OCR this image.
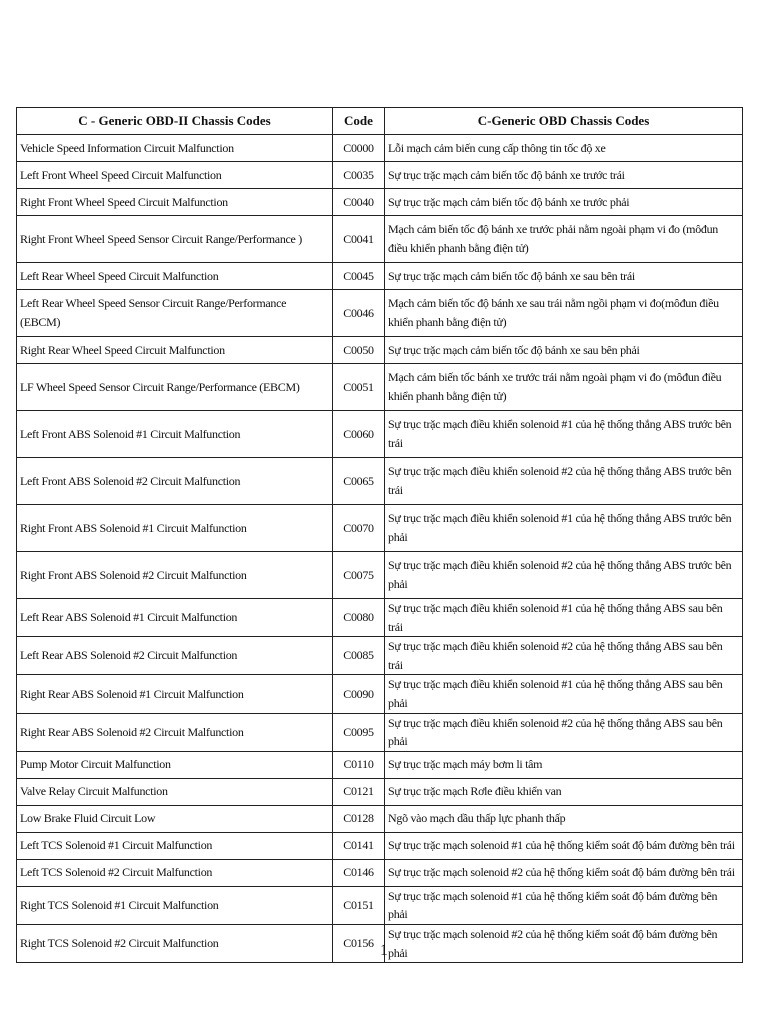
C - Generic OBD-II Chassis Codes	Code	C-Generic OBD Chassis Codes
Vehicle Speed Information Circuit Malfunction	C0000	Lỗi mạch cảm biến cung cấp thông tin tốc độ xe
Left Front Wheel Speed Circuit Malfunction	C0035	Sự trục trặc mạch cảm biến tốc độ bánh xe trước trái
Right Front Wheel Speed Circuit Malfunction	C0040	Sự trục trặc mạch cảm biến tốc độ bánh xe trước phải
Right Front Wheel Speed Sensor Circuit Range/Performance )	C0041	Mạch cảm biến tốc độ bánh xe trước phải nằm ngoài phạm vi đo (môđun điều khiển phanh bằng điện tử)
Left Rear Wheel Speed Circuit Malfunction	C0045	Sự trục trặc mạch cảm biến tốc độ bánh xe sau bên trái
Left Rear Wheel Speed Sensor Circuit Range/Performance (EBCM)	C0046	Mạch cảm biến tốc độ bánh xe sau trái nằm ngồi phạm vi đo(môđun điều khiển phanh bằng điện tử)
Right Rear Wheel Speed Circuit Malfunction	C0050	Sự trục trặc mạch cảm biến tốc độ bánh xe sau bên phải
LF Wheel Speed Sensor Circuit Range/Performance (EBCM)	C0051	Mạch cảm biến tốc bánh xe trước trái nằm ngoài phạm vi đo (môđun điều khiển phanh bằng điện tử)
Left Front ABS Solenoid #1 Circuit Malfunction	C0060	Sự trục trặc mạch điều khiển solenoid #1 của hệ thống thắng ABS trước bên trái
Left Front ABS Solenoid #2 Circuit Malfunction	C0065	Sự trục trặc mạch điều khiển solenoid #2 của hệ thống thắng ABS trước bên trái
Right Front ABS Solenoid #1 Circuit Malfunction	C0070	Sự trục trặc mạch điều khiển solenoid #1 của hệ thống thắng ABS trước bên phải
Right Front ABS Solenoid #2 Circuit Malfunction	C0075	Sự trục trặc mạch điều khiển solenoid #2 của hệ thống thắng ABS trước bên phải
Left Rear ABS Solenoid #1 Circuit Malfunction	C0080	Sự trục trặc mạch điều khiển solenoid #1 của hệ thống thắng ABS sau bên trái
Left Rear ABS Solenoid #2 Circuit Malfunction	C0085	Sự trục trặc mạch điều khiển solenoid #2 của hệ thống thắng ABS sau bên trái
Right Rear ABS Solenoid #1 Circuit Malfunction	C0090	Sự trục trặc mạch điều khiển solenoid #1 của hệ thống thắng ABS sau bên phải
Right Rear ABS Solenoid #2 Circuit Malfunction	C0095	Sự trục trặc mạch điều khiển solenoid #2 của hệ thống thắng ABS sau bên phải
Pump Motor Circuit Malfunction	C0110	Sự trục trặc mạch máy bơm li tâm
Valve Relay Circuit Malfunction	C0121	Sự trục trặc mạch Rơle điều khiển van
Low Brake Fluid Circuit Low	C0128	Ngõ vào mạch dầu thấp lực phanh thấp
Left TCS Solenoid #1 Circuit Malfunction	C0141	Sự trục trặc mạch solenoid #1 của hệ thống kiểm soát độ bám đường bên trái
Left TCS Solenoid #2 Circuit Malfunction	C0146	Sự trục trặc mạch solenoid #2 của hệ thống kiểm soát độ bám đường bên trái
Right TCS Solenoid #1 Circuit Malfunction	C0151	Sự trục trặc mạch solenoid #1 của hệ thống kiểm soát độ bám đường bên phải
Right TCS Solenoid #2 Circuit Malfunction	C0156	Sự trục trặc mạch solenoid #2 của hệ thống kiểm soát độ bám đường bên phải
1
